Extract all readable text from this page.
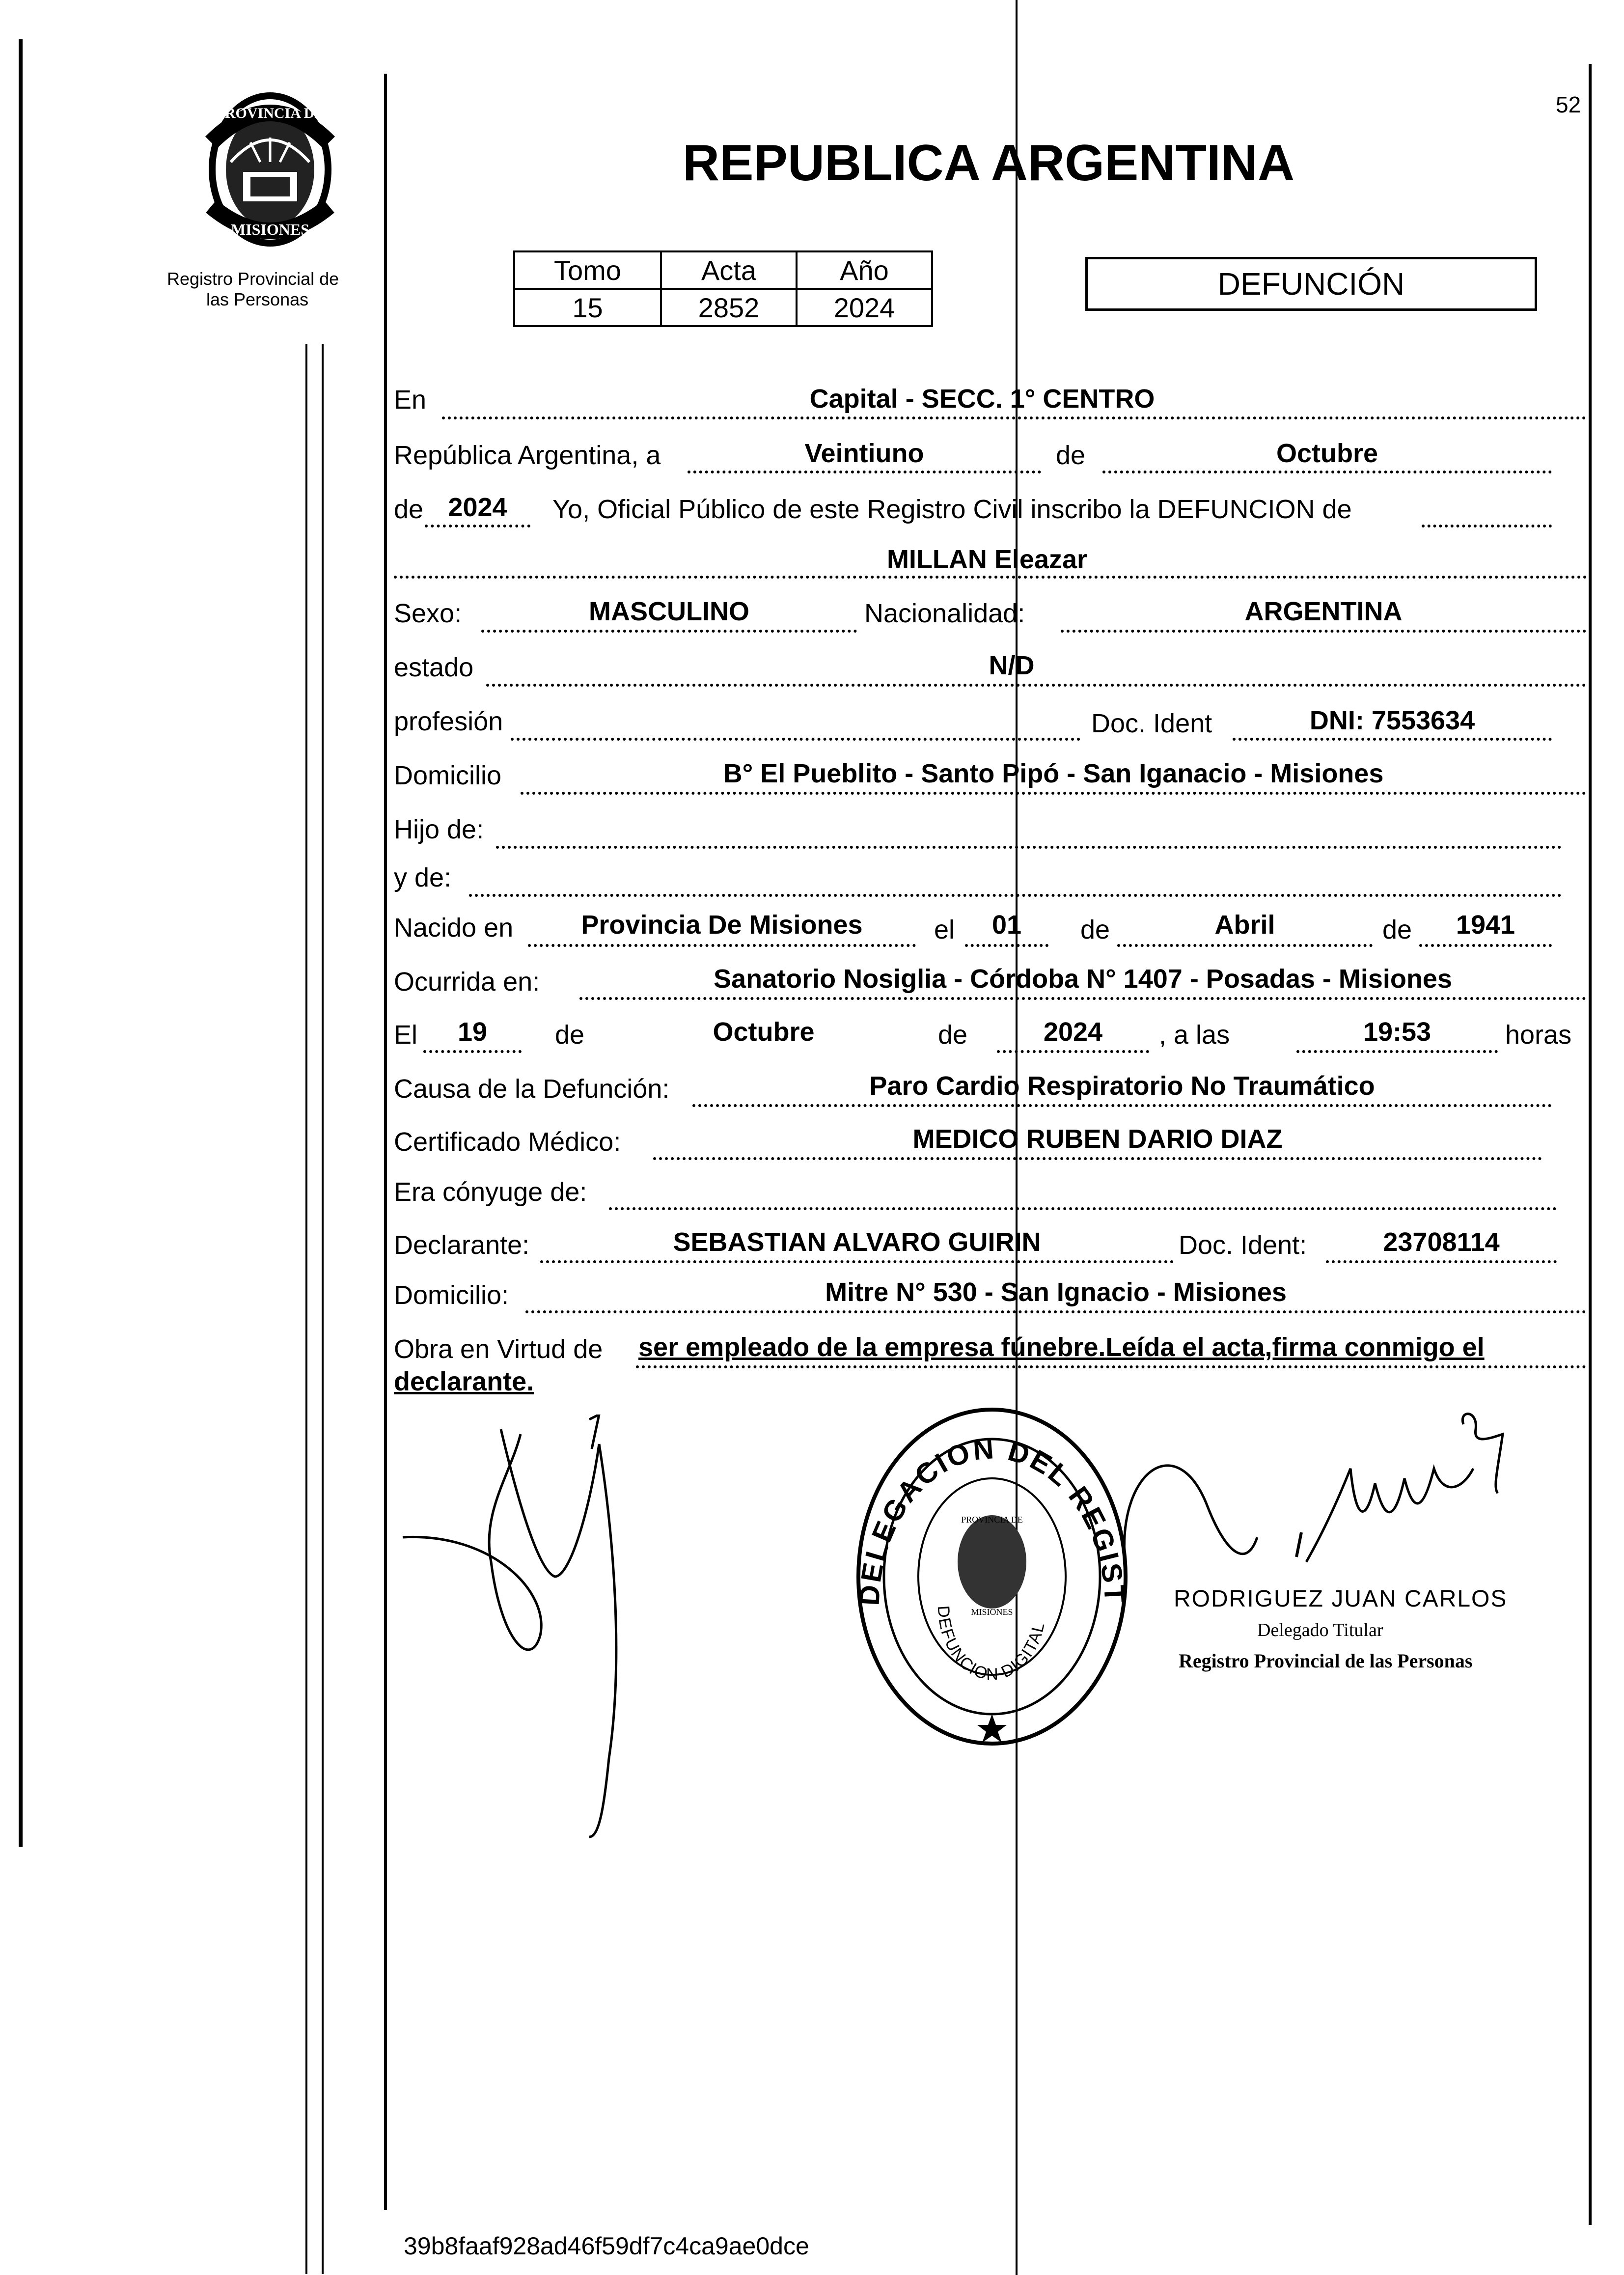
PROVINCIA DE
MISIONES
Registro Provincial de
las Personas
52
REPUBLICA ARGENTINA
Tomo	Acta	Año
15	2852	2024
DEFUNCIÓN
En	Capital - SECC. 1° CENTRO
República Argentina, a	Veintiuno	de	Octubre
de 2024	Yo, Oficial Público de este Registro Civil inscribo la DEFUNCION de
MILLAN Eleazar
Sexo:	MASCULINO	Nacionalidad:	ARGENTINA
estado	N/D
profesión	Doc. Ident	DNI: 7553634
Domicilio	B° El Pueblito - Santo Pipó - San Iganacio - Misiones
Hijo de:
y de:
Nacido en	Provincia De Misiones	el	01	de	Abril	de	1941
Ocurrida en:	Sanatorio Nosiglia - Córdoba N° 1407 - Posadas - Misiones
El	19	de	Octubre	de	2024	, a las	19:53	horas
Causa de la Defunción:	Paro Cardio Respiratorio No Traumático
Certificado Médico:	MEDICO RUBEN DARIO DIAZ
Era cónyuge de:
Declarante:	SEBASTIAN ALVARO GUIRIN	Doc. Ident:	23708114
Domicilio:	Mitre N° 530 - San Ignacio - Misiones
Obra en Virtud de ser empleado de la empresa fúnebre.Leída el acta,firma conmigo el
declarante.
DELEGACION DEL REGIST
DEFUNCION DIGITAL
PROVINCIA DE
MISIONES	RODRIGUEZ JUAN CARLOS
Delegado Titular
Registro Provincial de las Personas
39b8faaf928ad46f59df7c4ca9ae0dce
